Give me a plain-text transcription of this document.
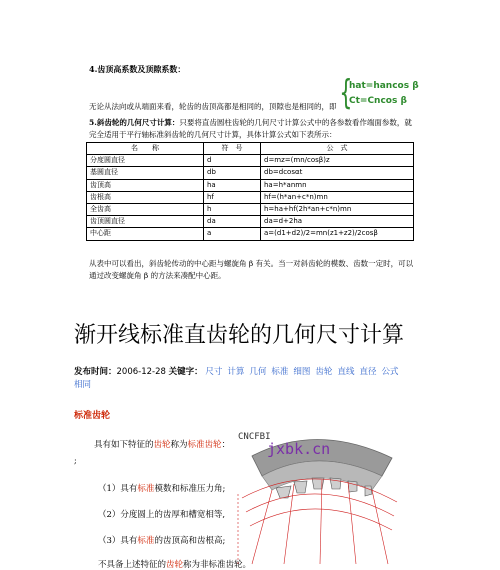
4.齿顶高系数及顶隙系数：
{
hat=hancos β
Ct=Cncos β
无论从法向或从端面来看，轮齿的齿顶高都是相同的，顶隙也是相同的，即
5.斜齿轮的几何尺寸计算：只要将直齿圆柱齿轮的几何尺寸计算公式中的各参数看作端面参数，就完全适用于平行轴标准斜齿轮的几何尺寸计算，具体计算公式如下表所示：
名　　称	符　号	公　式
分度圆直径	d	d=mz=(mn/cosβ)z
基圆直径	db	db=dcosαt
齿顶高	ha	ha=h*anmn
齿根高	hf	hf=(h*an+c*n)mn
全齿高	h	h=ha+hf(2h*an+c*n)mn
齿顶圆直径	da	da=d+2ha
中心距	a	a=(d1+d2)/2=mn(z1+z2)/2cosβ
从表中可以看出，斜齿轮传动的中心距与螺旋角 β 有关。当一对斜齿轮的模数、齿数一定时，可以通过改变螺旋角 β 的方法来凑配中心距。
渐开线标准直齿轮的几何尺寸计算
发布时间：2006-12-28 关键字： 尺寸 计算 几何 标准 细图 齿轮 直线 直径 公式相同
标准齿轮
具有如下特征的齿轮称为标准齿轮：
;
（1）具有标准模数和标准压力角;
（2）分度圆上的齿厚和槽宽相等,
（3）具有标准的齿顶高和齿根高;
不具备上述特征的齿轮称为非标准齿轮。
CNCFBI
jxbk.cn
